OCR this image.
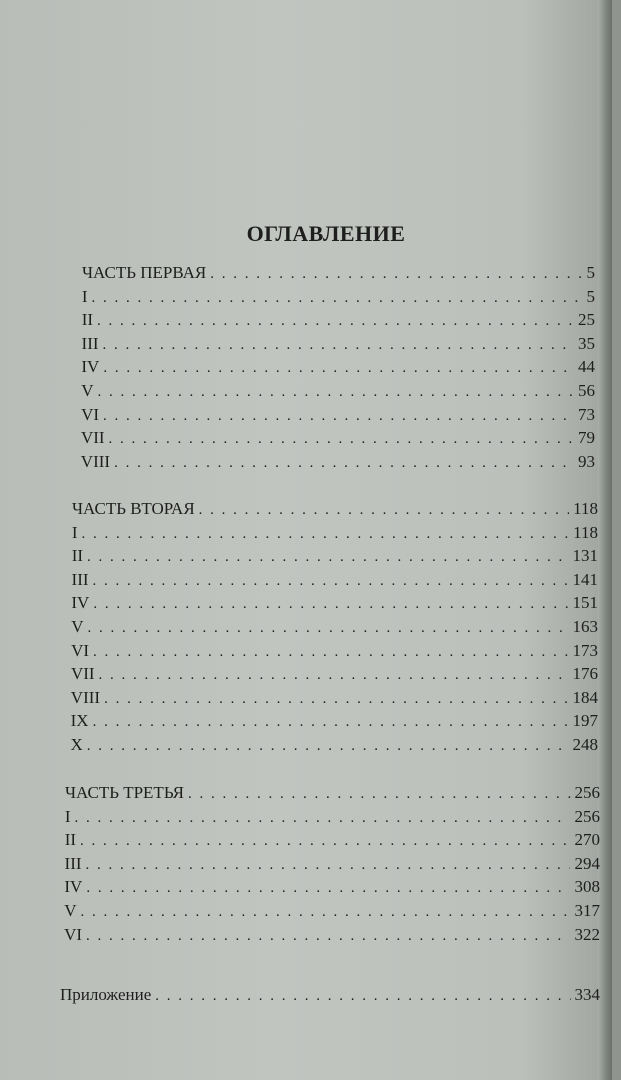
ОГЛАВЛЕНИЕ
ЧАСТЬ ПЕРВАЯ . . .	5
I . . .	5
II . . .	25
III . . .	35
IV . . .	44
V . . .	56
VI . . .	73
VII . . .	79
VIII . . .	93
ЧАСТЬ ВТОРАЯ . . .	118
I . . .	118
II . . .	131
III . . .	141
IV . . .	151
V . . .	163
VI . . .	173
VII . . .	176
VIII . . .	184
IX . . .	197
X . . .	248
ЧАСТЬ ТРЕТЬЯ . . .	256
I . . .	256
II . . .	270
III . . .	294
IV . . .	308
V . . .	317
VI . . .	322
Приложение . . .	334
